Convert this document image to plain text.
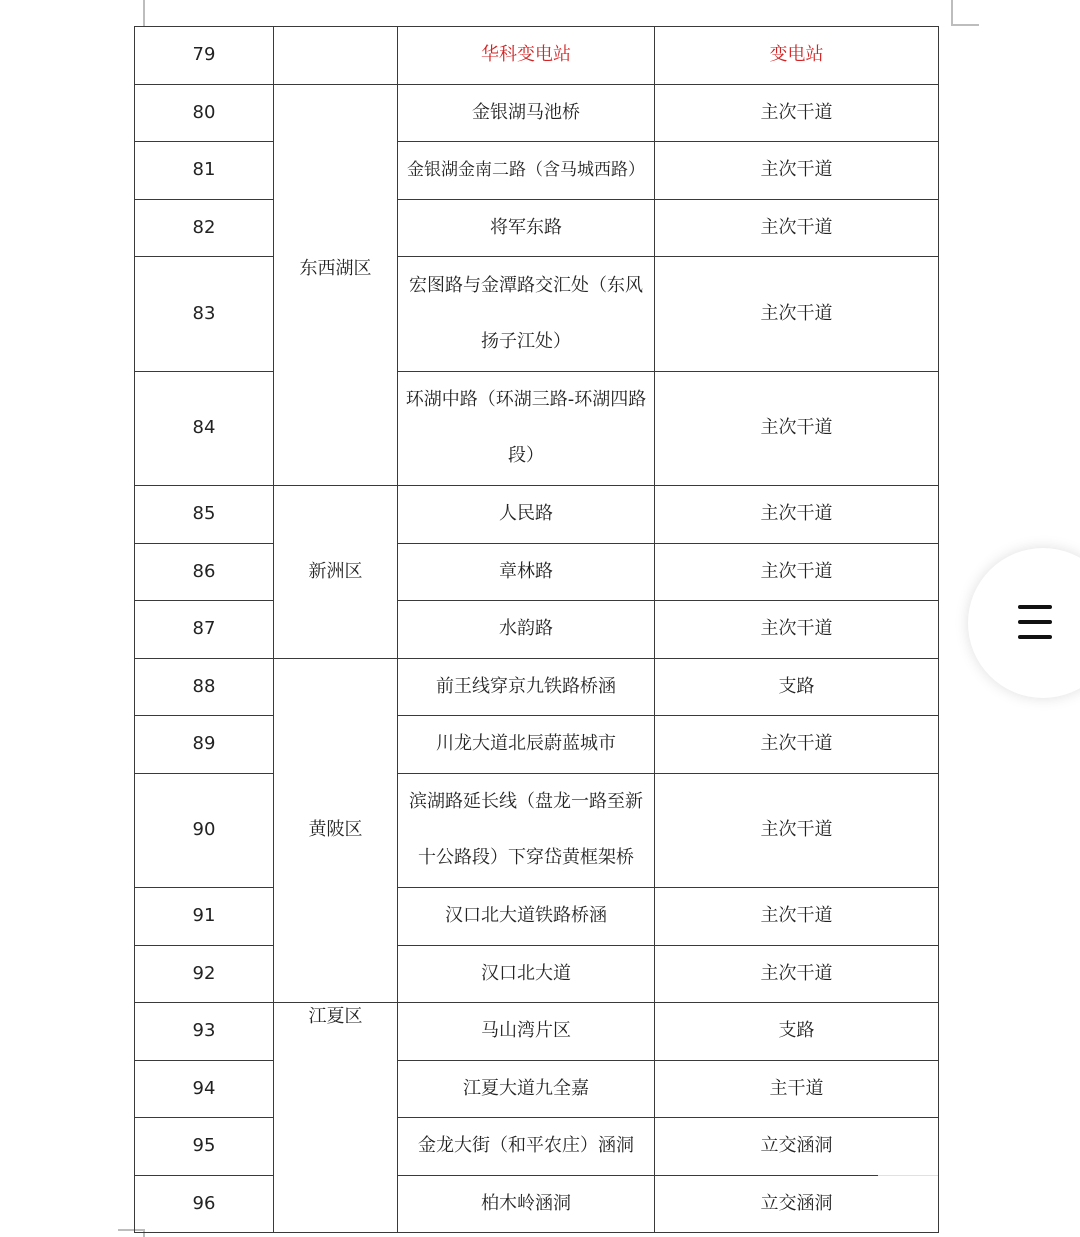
79		华科变电站	变电站
80	东西湖区	金银湖马池桥	主次干道
81		金银湖金南二路（含马城西路）	主次干道
82		将军东路	主次干道
83		宏图路与金潭路交汇处（东风扬子江处）	主次干道
84		环湖中路（环湖三路-环湖四路段）	主次干道
85	新洲区	人民路	主次干道
86		章林路	主次干道
87		水韵路	主次干道
88	黄陂区	前王线穿京九铁路桥涵	支路
89		川龙大道北辰蔚蓝城市	主次干道
90		滨湖路延长线（盘龙一路至新十公路段）下穿岱黄框架桥	主次干道
91		汉口北大道铁路桥涵	主次干道
92		汉口北大道	主次干道
93	江夏区	马山湾片区	支路
94		江夏大道九全嘉	主干道
95		金龙大街（和平农庄）涵洞	立交涵洞
96		柏木岭涵洞	立交涵洞
